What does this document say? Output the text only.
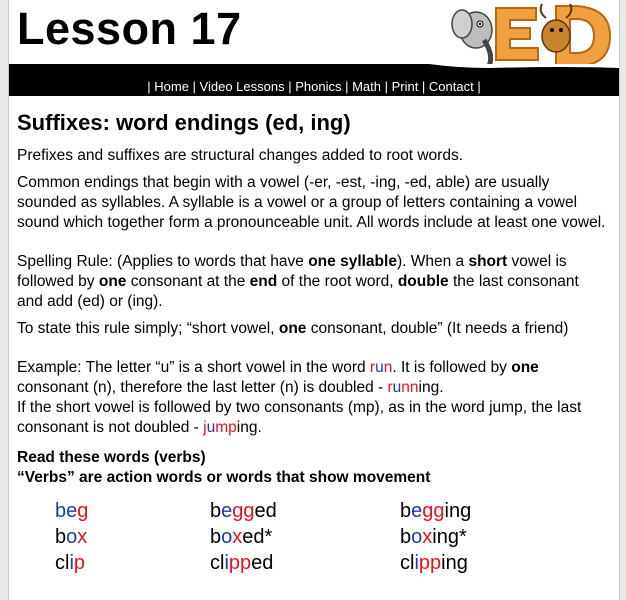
Lesson 17
| Home | Video Lessons | Phonics | Math | Print | Contact |
Suffixes: word endings (ed, ing)

Prefixes and suffixes are structural changes added to root words.

Common endings that begin with a vowel (-er, -est, -ing, -ed, able) are usually sounded as syllables. A syllable is a vowel or a group of letters containing a vowel sound which together form a pronounceable unit. All words include at least one vowel.

Spelling Rule: (Applies to words that have one syllable). When a short vowel is followed by one consonant at the end of the root word, double the last consonant and add (ed) or (ing).

To state this rule simply; “short vowel, one consonant, double” (It needs a friend)

Example: The letter “u” is a short vowel in the word run. It is followed by one consonant (n), therefore the last letter (n) is doubled - running.
If the short vowel is followed by two consonants (mp), as in the word jump, the last consonant is not doubled - jumping.

Read these words (verbs)
“Verbs” are action words or words that show movement
beg	begged	begging
box	boxed*	boxing*
clip	clipped	clipping
